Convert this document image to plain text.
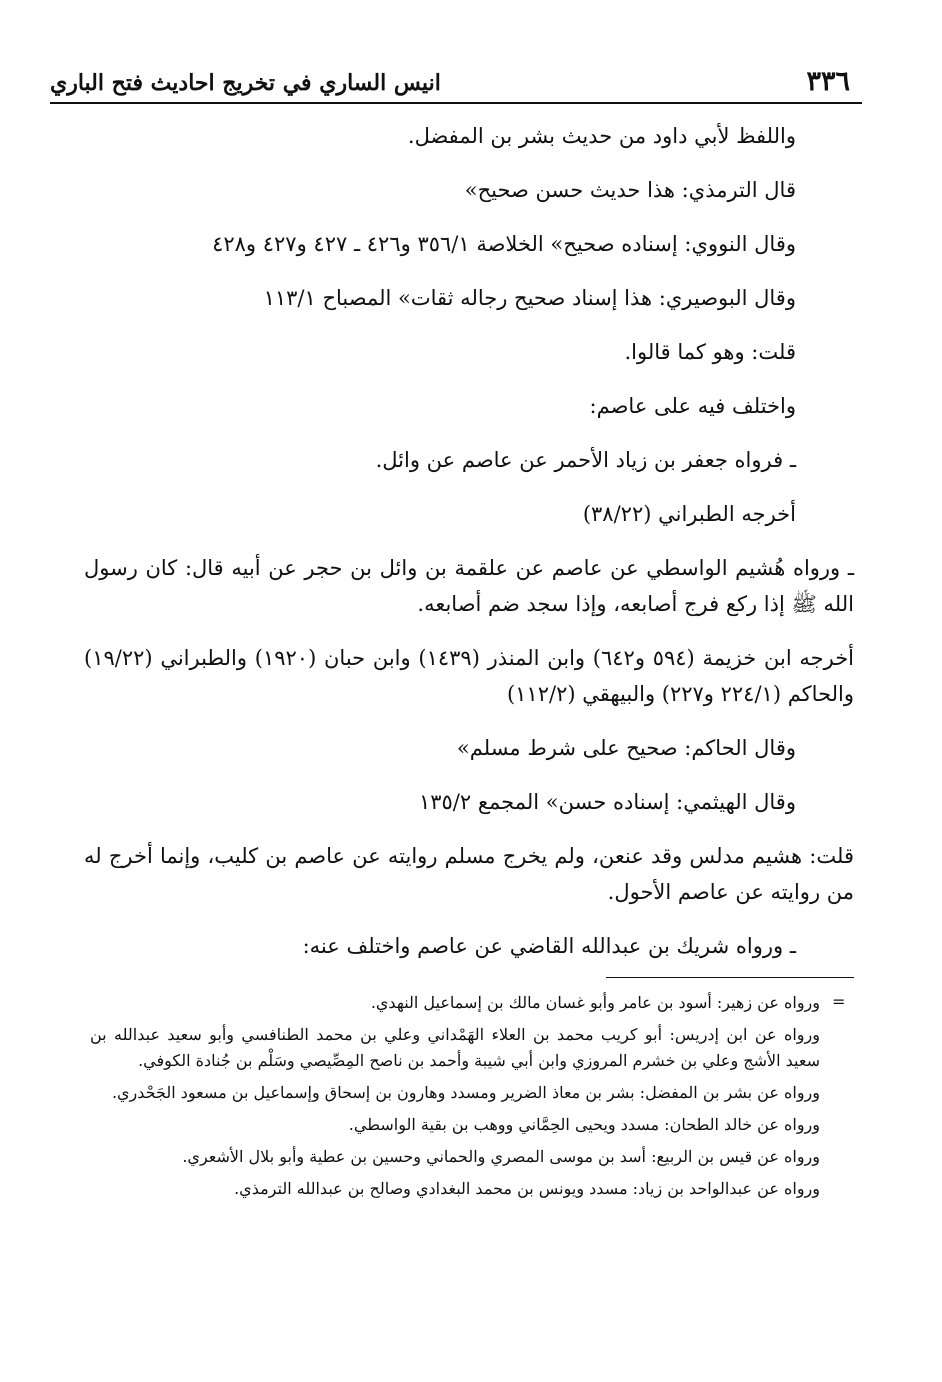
٣٣٦
انيس الساري في تخريج احاديث فتح الباري

واللفظ لأبي داود من حديث بشر بن المفضل.

قال الترمذي: هذا حديث حسن صحيح»

وقال النووي: إسناده صحيح» الخلاصة ٣٥٦/١ و٤٢٦ ـ ٤٢٧ و٤٢٧ و٤٢٨

وقال البوصيري: هذا إسناد صحيح رجاله ثقات» المصباح ١١٣/١

قلت: وهو كما قالوا.

واختلف فيه على عاصم:

ـ فرواه جعفر بن زياد الأحمر عن عاصم عن وائل.

أخرجه الطبراني (٣٨/٢٢)

ـ ورواه هُشيم الواسطي عن عاصم عن علقمة بن وائل بن حجر عن أبيه قال: كان رسول الله ﷺ إذا ركع فرج أصابعه، وإذا سجد ضم أصابعه.

أخرجه ابن خزيمة (٥٩٤ و٦٤٢) وابن المنذر (١٤٣٩) وابن حبان (١٩٢٠) والطبراني (١٩/٢٢) والحاكم (٢٢٤/١ و٢٢٧) والبيهقي (١١٢/٢)

وقال الحاكم: صحيح على شرط مسلم»

وقال الهيثمي: إسناده حسن» المجمع ١٣٥/٢

قلت: هشيم مدلس وقد عنعن، ولم يخرج مسلم روايته عن عاصم بن كليب، وإنما أخرج له من روايته عن عاصم الأحول.

ـ ورواه شريك بن عبدالله القاضي عن عاصم واختلف عنه:

=

ورواه عن زهير: أسود بن عامر وأبو غسان مالك بن إسماعيل النهدي.

ورواه عن ابن إدريس: أبو كريب محمد بن العلاء الهَمْداني وعلي بن محمد الطنافسي وأبو سعيد عبدالله بن سعيد الأشج وعلي بن خشرم المروزي وابن أبي شيبة وأحمد بن ناصح المِصِّيصي وسَلْم بن جُنادة الكوفي.

ورواه عن بشر بن المفضل: بشر بن معاذ الضرير ومسدد وهارون بن إسحاق وإسماعيل بن مسعود الجَحْدري.

ورواه عن خالد الطحان: مسدد ويحيى الحِمَّاني ووهب بن بقية الواسطي.

ورواه عن قيس بن الربيع: أسد بن موسى المصري والحماني وحسين بن عطية وأبو بلال الأشعري.

ورواه عن عبدالواحد بن زياد: مسدد ويونس بن محمد البغدادي وصالح بن عبدالله الترمذي.
